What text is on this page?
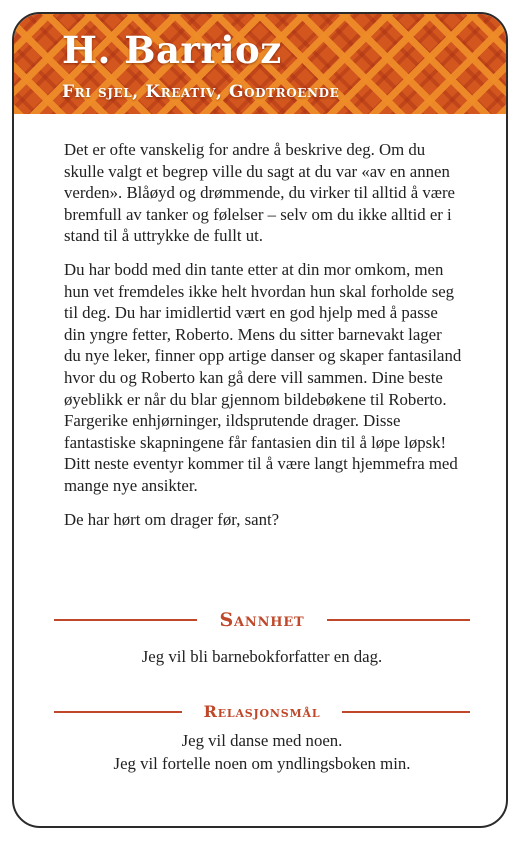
H. Barrioz
Fri sjel, Kreativ, Godtroende

Det er ofte vanskelig for andre å beskrive deg. Om du skulle valgt et begrep ville du sagt at du var «av en annen verden». Blåøyd og drømmende, du virker til alltid å være bremfull av tanker og følelser – selv om du ikke alltid er i stand til å uttrykke de fullt ut.

Du har bodd med din tante etter at din mor omkom, men hun vet fremdeles ikke helt hvordan hun skal forholde seg til deg. Du har imidlertid vært en god hjelp med å passe din yngre fetter, Roberto. Mens du sitter barnevakt lager du nye leker, finner opp artige danser og skaper fantasiland hvor du og Roberto kan gå dere vill sammen. Dine beste øyeblikk er når du blar gjennom bildebøkene til Roberto. Fargerike enhjørninger, ildsprutende drager. Disse fantastiske skapningene får fantasien din til å løpe løpsk! Ditt neste eventyr kommer til å være langt hjemmefra med mange nye ansikter.

De har hørt om drager før, sant?

Sannhet
Jeg vil bli barnebokforfatter en dag.
Relasjonsmål
Jeg vil danse med noen.
Jeg vil fortelle noen om yndlingsboken min.
